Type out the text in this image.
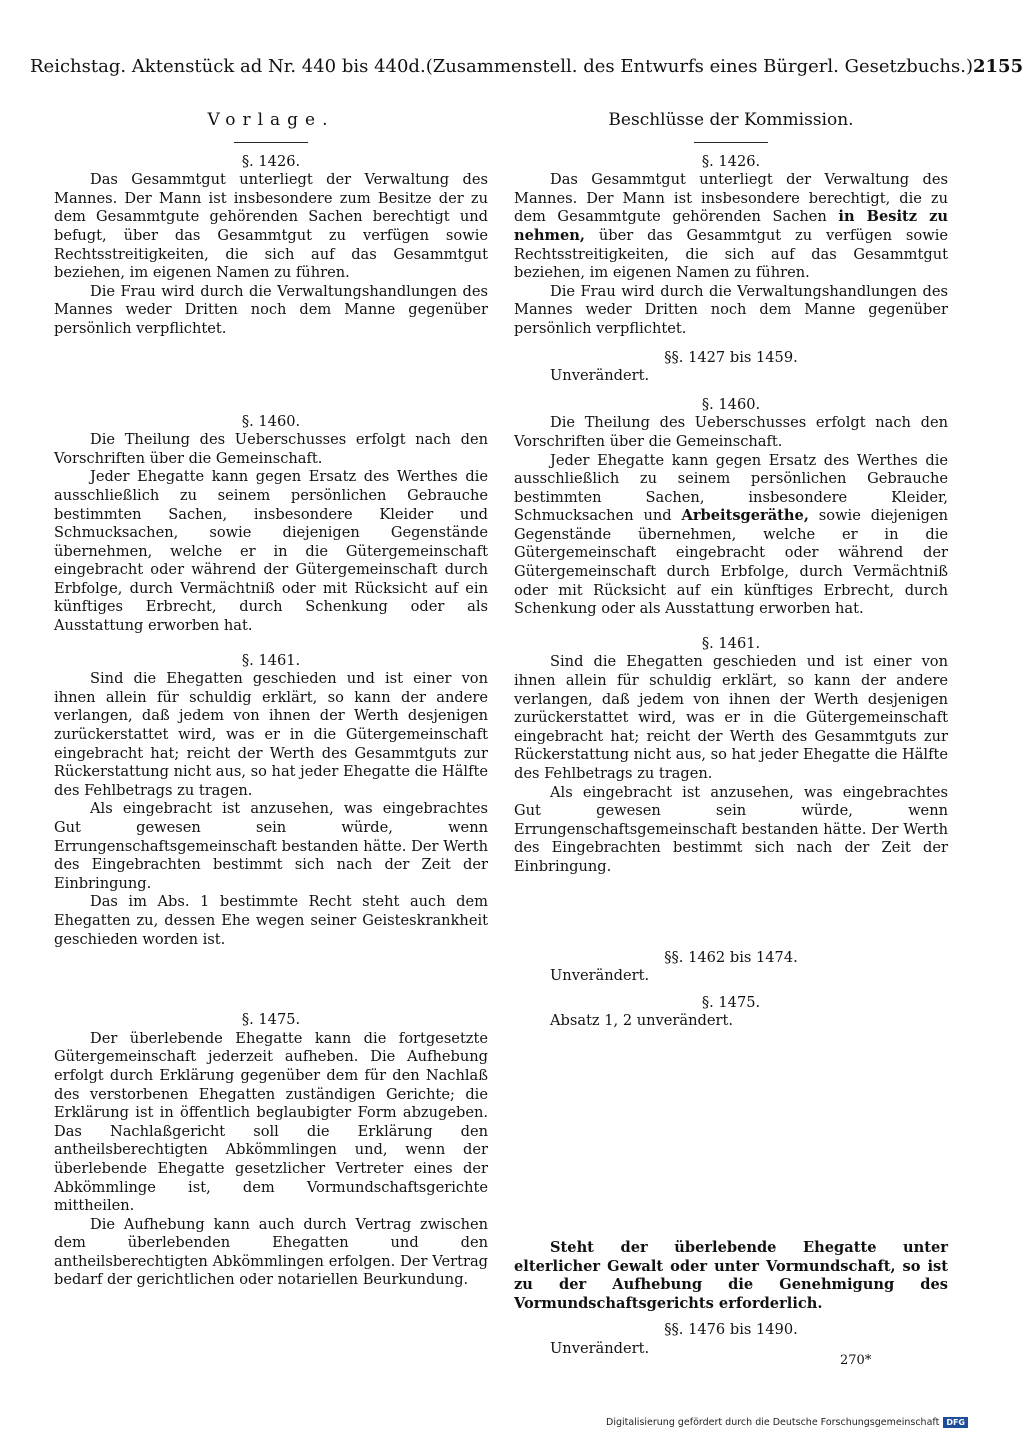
Reichstag. Aktenstück ad Nr. 440 bis 440d. (Zusammenstell. des Entwurfs eines Bürgerl. Gesetzbuchs.) 2155
Vorlage.
§. 1426.

Das Gesammtgut unterliegt der Verwaltung des Mannes. Der Mann ist insbesondere zum Besitze der zu dem Gesammtgute gehörenden Sachen berechtigt und befugt, über das Gesammtgut zu verfügen sowie Rechtsstreitigkeiten, die sich auf das Gesammtgut beziehen, im eigenen Namen zu führen.

Die Frau wird durch die Verwaltungshandlungen des Mannes weder Dritten noch dem Manne gegenüber persönlich verpflichtet.

§. 1460.

Die Theilung des Ueberschusses erfolgt nach den Vorschriften über die Gemeinschaft.

Jeder Ehegatte kann gegen Ersatz des Werthes die ausschließlich zu seinem persönlichen Gebrauche bestimmten Sachen, insbesondere Kleider und Schmucksachen, sowie diejenigen Gegenstände übernehmen, welche er in die Gütergemeinschaft eingebracht oder während der Gütergemeinschaft durch Erbfolge, durch Vermächtniß oder mit Rücksicht auf ein künftiges Erbrecht, durch Schenkung oder als Ausstattung erworben hat.

§. 1461.

Sind die Ehegatten geschieden und ist einer von ihnen allein für schuldig erklärt, so kann der andere verlangen, daß jedem von ihnen der Werth desjenigen zurückerstattet wird, was er in die Gütergemeinschaft eingebracht hat; reicht der Werth des Gesammtguts zur Rückerstattung nicht aus, so hat jeder Ehegatte die Hälfte des Fehlbetrags zu tragen.

Als eingebracht ist anzusehen, was eingebrachtes Gut gewesen sein würde, wenn Errungenschaftsgemeinschaft bestanden hätte. Der Werth des Eingebrachten bestimmt sich nach der Zeit der Einbringung.

Das im Abs. 1 bestimmte Recht steht auch dem Ehegatten zu, dessen Ehe wegen seiner Geisteskrankheit geschieden worden ist.

§. 1475.

Der überlebende Ehegatte kann die fortgesetzte Gütergemeinschaft jederzeit aufheben. Die Aufhebung erfolgt durch Erklärung gegenüber dem für den Nachlaß des verstorbenen Ehegatten zuständigen Gerichte; die Erklärung ist in öffentlich beglaubigter Form abzugeben. Das Nachlaßgericht soll die Erklärung den antheilsberechtigten Abkömmlingen und, wenn der überlebende Ehegatte gesetzlicher Vertreter eines der Abkömmlinge ist, dem Vormundschaftsgerichte mittheilen.

Die Aufhebung kann auch durch Vertrag zwischen dem überlebenden Ehegatten und den antheilsberechtigten Abkömmlingen erfolgen. Der Vertrag bedarf der gerichtlichen oder notariellen Beurkundung.

Beschlüsse der Kommission.
§. 1426.

Das Gesammtgut unterliegt der Verwaltung des Mannes. Der Mann ist insbesondere berechtigt, die zu dem Gesammtgute gehörenden Sachen in Besitz zu nehmen, über das Gesammtgut zu verfügen sowie Rechtsstreitigkeiten, die sich auf das Gesammtgut beziehen, im eigenen Namen zu führen.

Die Frau wird durch die Verwaltungshandlungen des Mannes weder Dritten noch dem Manne gegenüber persönlich verpflichtet.

§§. 1427 bis 1459.
Unverändert.
§. 1460.

Die Theilung des Ueberschusses erfolgt nach den Vorschriften über die Gemeinschaft.

Jeder Ehegatte kann gegen Ersatz des Werthes die ausschließlich zu seinem persönlichen Gebrauche bestimmten Sachen, insbesondere Kleider, Schmucksachen und Arbeitsgeräthe, sowie diejenigen Gegenstände übernehmen, welche er in die Gütergemeinschaft eingebracht oder während der Gütergemeinschaft durch Erbfolge, durch Vermächtniß oder mit Rücksicht auf ein künftiges Erbrecht, durch Schenkung oder als Ausstattung erworben hat.

§. 1461.

Sind die Ehegatten geschieden und ist einer von ihnen allein für schuldig erklärt, so kann der andere verlangen, daß jedem von ihnen der Werth desjenigen zurückerstattet wird, was er in die Gütergemeinschaft eingebracht hat; reicht der Werth des Gesammtguts zur Rückerstattung nicht aus, so hat jeder Ehegatte die Hälfte des Fehlbetrags zu tragen.

Als eingebracht ist anzusehen, was eingebrachtes Gut gewesen sein würde, wenn Errungenschaftsgemeinschaft bestanden hätte. Der Werth des Eingebrachten bestimmt sich nach der Zeit der Einbringung.

§§. 1462 bis 1474.
Unverändert.
§. 1475.
Absatz 1, 2 unverändert.

Steht der überlebende Ehegatte unter elterlicher Gewalt oder unter Vormundschaft, so ist zu der Aufhebung die Genehmigung des Vormundschaftsgerichts erforderlich.

§§. 1476 bis 1490.
Unverändert.
270*
Digitalisierung gefördert durch die Deutsche Forschungsgemeinschaft DFG
